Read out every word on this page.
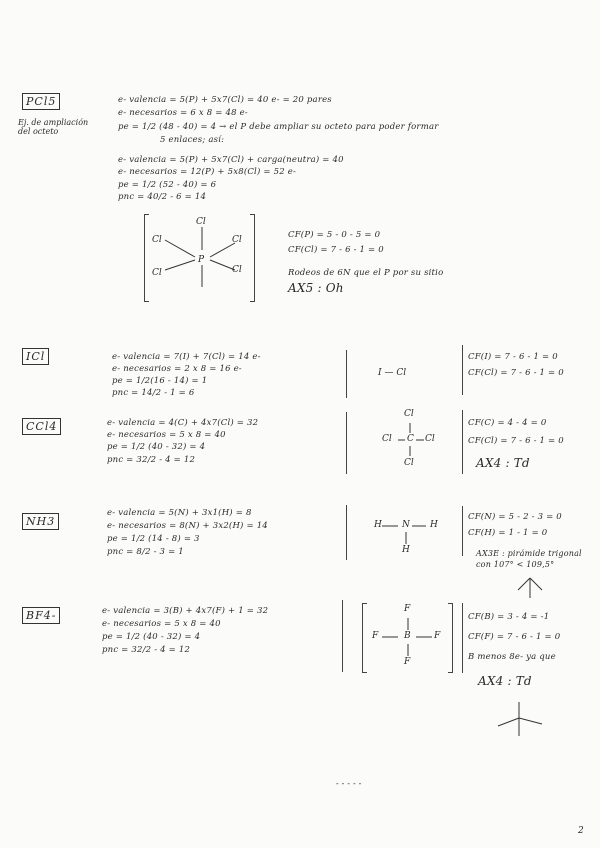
PCl5
Ej. de ampliación
del octeto
e- valencia = 5(P) + 5x7(Cl) = 40 e- = 20 pares
e- necesarios = 6 x 8 = 48 e-
pe = 1/2 (48 - 40) = 4 → el P debe ampliar su octeto para poder formar
5 enlaces; así:
e- valencia = 5(P) + 5x7(Cl) + carga(neutra) = 40
e- necesarios = 12(P) + 5x8(Cl) = 52 e-
pe = 1/2 (52 - 40) = 6
pnc = 40/2 - 6 = 14
Cl
Cl	Cl
P
Cl	Cl
CF(P) = 5 - 0 - 5 = 0
CF(Cl) = 7 - 6 - 1 = 0
Rodeos de 6N que el P por su sitio
AX5 : Oh
ICl	e- valencia = 7(I) + 7(Cl) = 14 e-
e- necesarios = 2 x 8 = 16 e-
pe = 1/2(16 - 14) = 1
pnc = 14/2 - 1 = 6
I — Cl
CF(I) = 7 - 6 - 1 = 0
CF(Cl) = 7 - 6 - 1 = 0
CCl4	e- valencia = 4(C) + 4x7(Cl) = 32
e- necesarios = 5 x 8 = 40
pe = 1/2 (40 - 32) = 4
pnc = 32/2 - 4 = 12
Cl
Cl C Cl
Cl
CF(C) = 4 - 4 = 0
CF(Cl) = 7 - 6 - 1 = 0
AX4 : Td
NH3
e- valencia = 5(N) + 3x1(H) = 8
e- necesarios = 8(N) + 3x2(H) = 14
pe = 1/2 (14 - 8) = 3
pnc = 8/2 - 3 = 1
H N H
H
CF(N) = 5 - 2 - 3 = 0
CF(H) = 1 - 1 = 0
AX3E : pirámide trigonal
con 107° < 109,5°
BF4-	e- valencia = 3(B) + 4x7(F) + 1 = 32
e- necesarios = 5 x 8 = 40
pe = 1/2 (40 - 32) = 4
pnc = 32/2 - 4 = 12
F
F	B	F
F
CF(B) = 3 - 4 = -1
CF(F) = 7 - 6 - 1 = 0
B menos 8e- ya que
AX4 : Td
- - - - -
2
